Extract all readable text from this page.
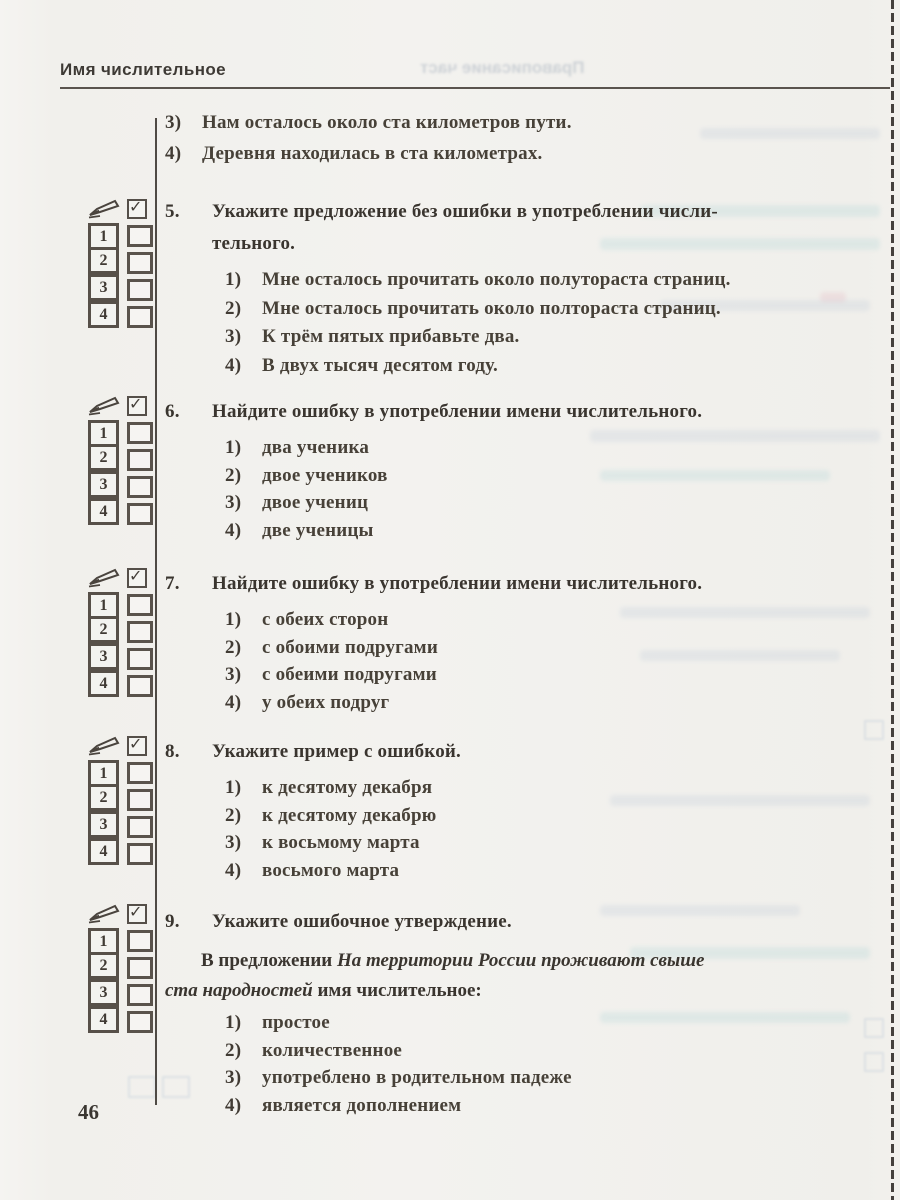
Правописание част
Имя числительное
3)	Нам осталось около ста километров пути.
4)	Деревня находилась в ста километрах.
✓
1
2
3
4
✓
1
2
3
4
✓
1
2
3
4
✓
1
2
3
4
✓
1
2
3
4
5.	Укажите предложение без ошибки в употреблении числи-
тельного.
1)	Мне осталось прочитать около полутораста страниц.
2)	Мне осталось прочитать около полтораста страниц.
3)	К трём пятых прибавьте два.
4)	В двух тысяч десятом году.
6.	Найдите ошибку в употреблении имени числительного.
1)	два ученика
2)	двое учеников
3)	двое учениц
4)	две ученицы
7.	Найдите ошибку в употреблении имени числительного.
1)	с обеих сторон
2)	с обоими подругами
3)	с обеими подругами
4)	у обеих подруг
8.	Укажите пример с ошибкой.
1)	к десятому декабря
2)	к десятому декабрю
3)	к восьмому марта
4)	восьмого марта
9.	Укажите ошибочное утверждение.

В предложении На территории России проживают свыше
ста народностей имя числительное:

1)	простое
2)	количественное
3)	употреблено в родительном падеже
4)	является дополнением
46
